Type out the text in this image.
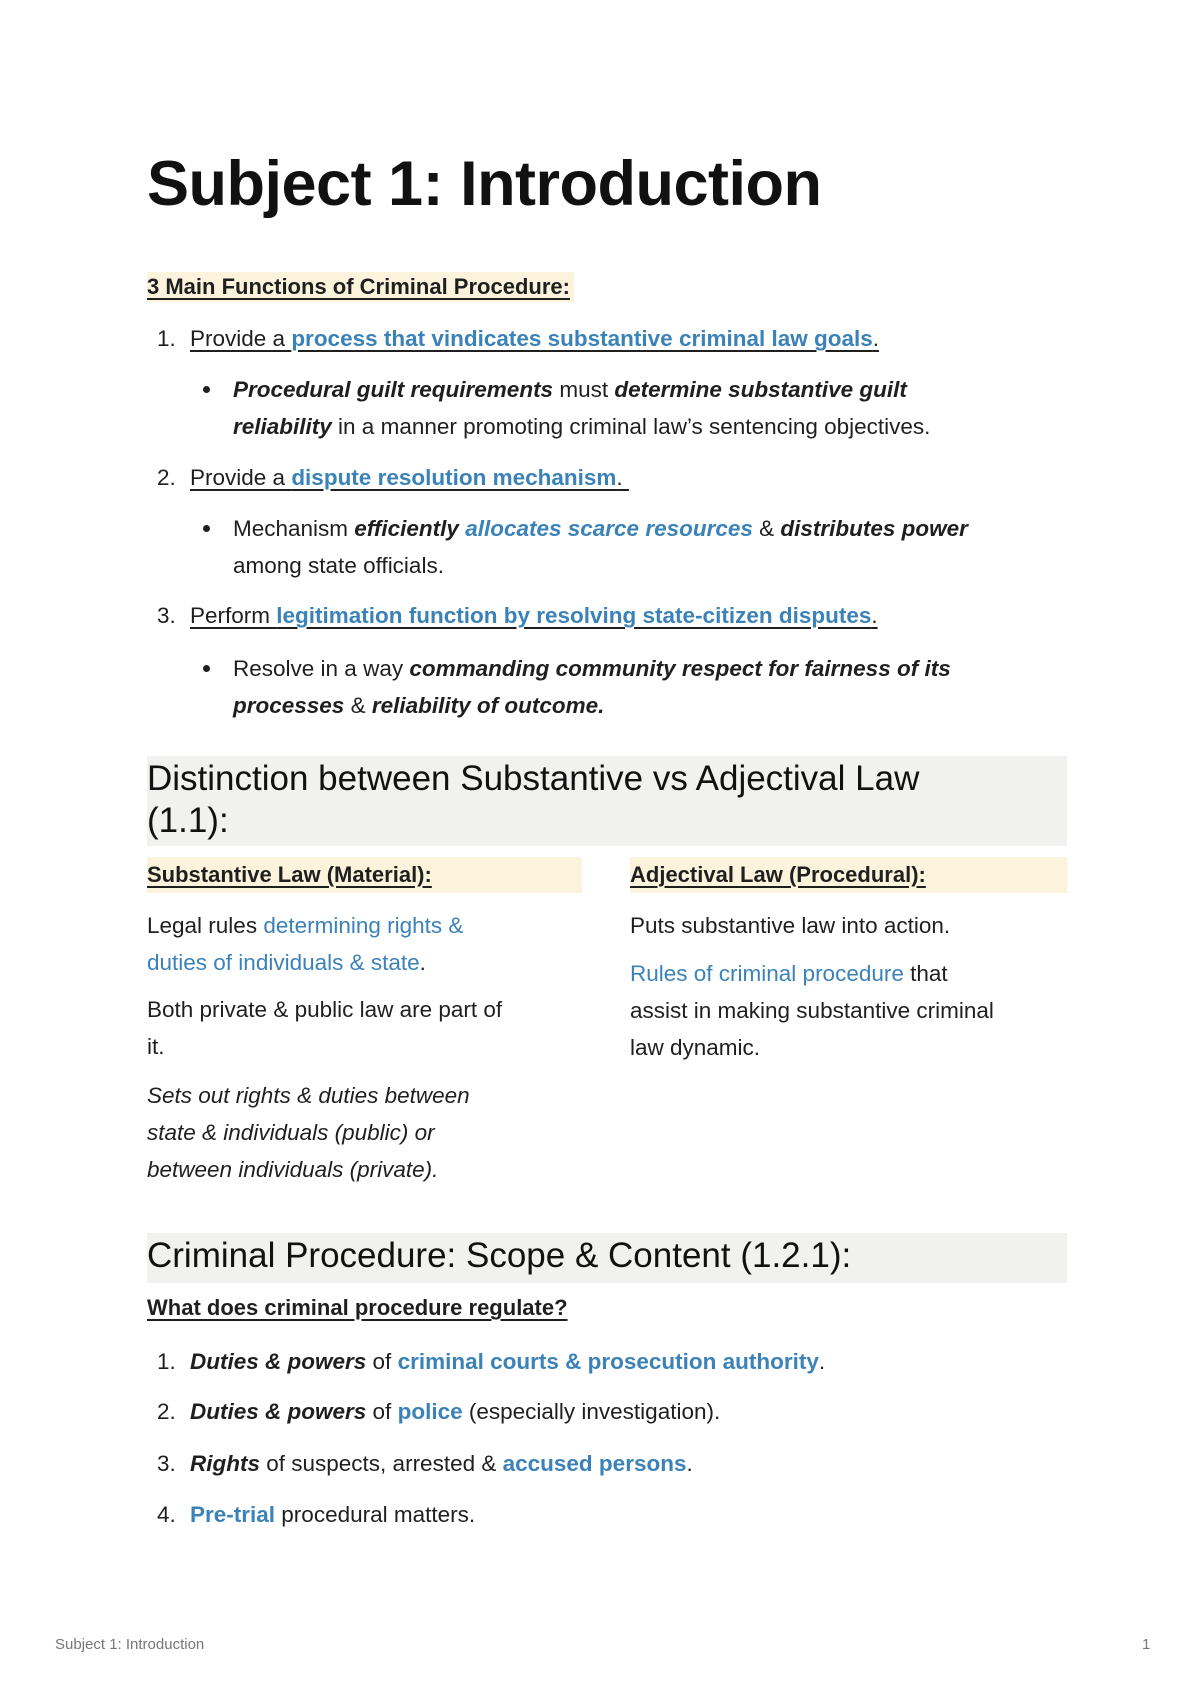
Subject 1: Introduction
3 Main Functions of Criminal Procedure:
1. Provide a process that vindicates substantive criminal law goals.
Procedural guilt requirements must determine substantive guilt
reliability in a manner promoting criminal law’s sentencing objectives.
2. Provide a dispute resolution mechanism.
Mechanism efficiently allocates scarce resources & distributes power
among state officials.
3. Perform legitimation function by resolving state-citizen disputes.
Resolve in a way commanding community respect for fairness of its
processes & reliability of outcome.
Distinction between Substantive vs Adjectival Law
(1.1):
Substantive Law (Material):	Adjectival Law (Procedural):
Legal rules determining rights &
duties of individuals & state.
Both private & public law are part of
it.
Sets out rights & duties between
state & individuals (public) or
between individuals (private).
Puts substantive law into action.
Rules of criminal procedure that
assist in making substantive criminal
law dynamic.
Criminal Procedure: Scope & Content (1.2.1):
What does criminal procedure regulate?
1. Duties & powers of criminal courts & prosecution authority.
2. Duties & powers of police (especially investigation).
3. Rights of suspects, arrested & accused persons.
4. Pre-trial procedural matters.
Subject 1: Introduction	1
